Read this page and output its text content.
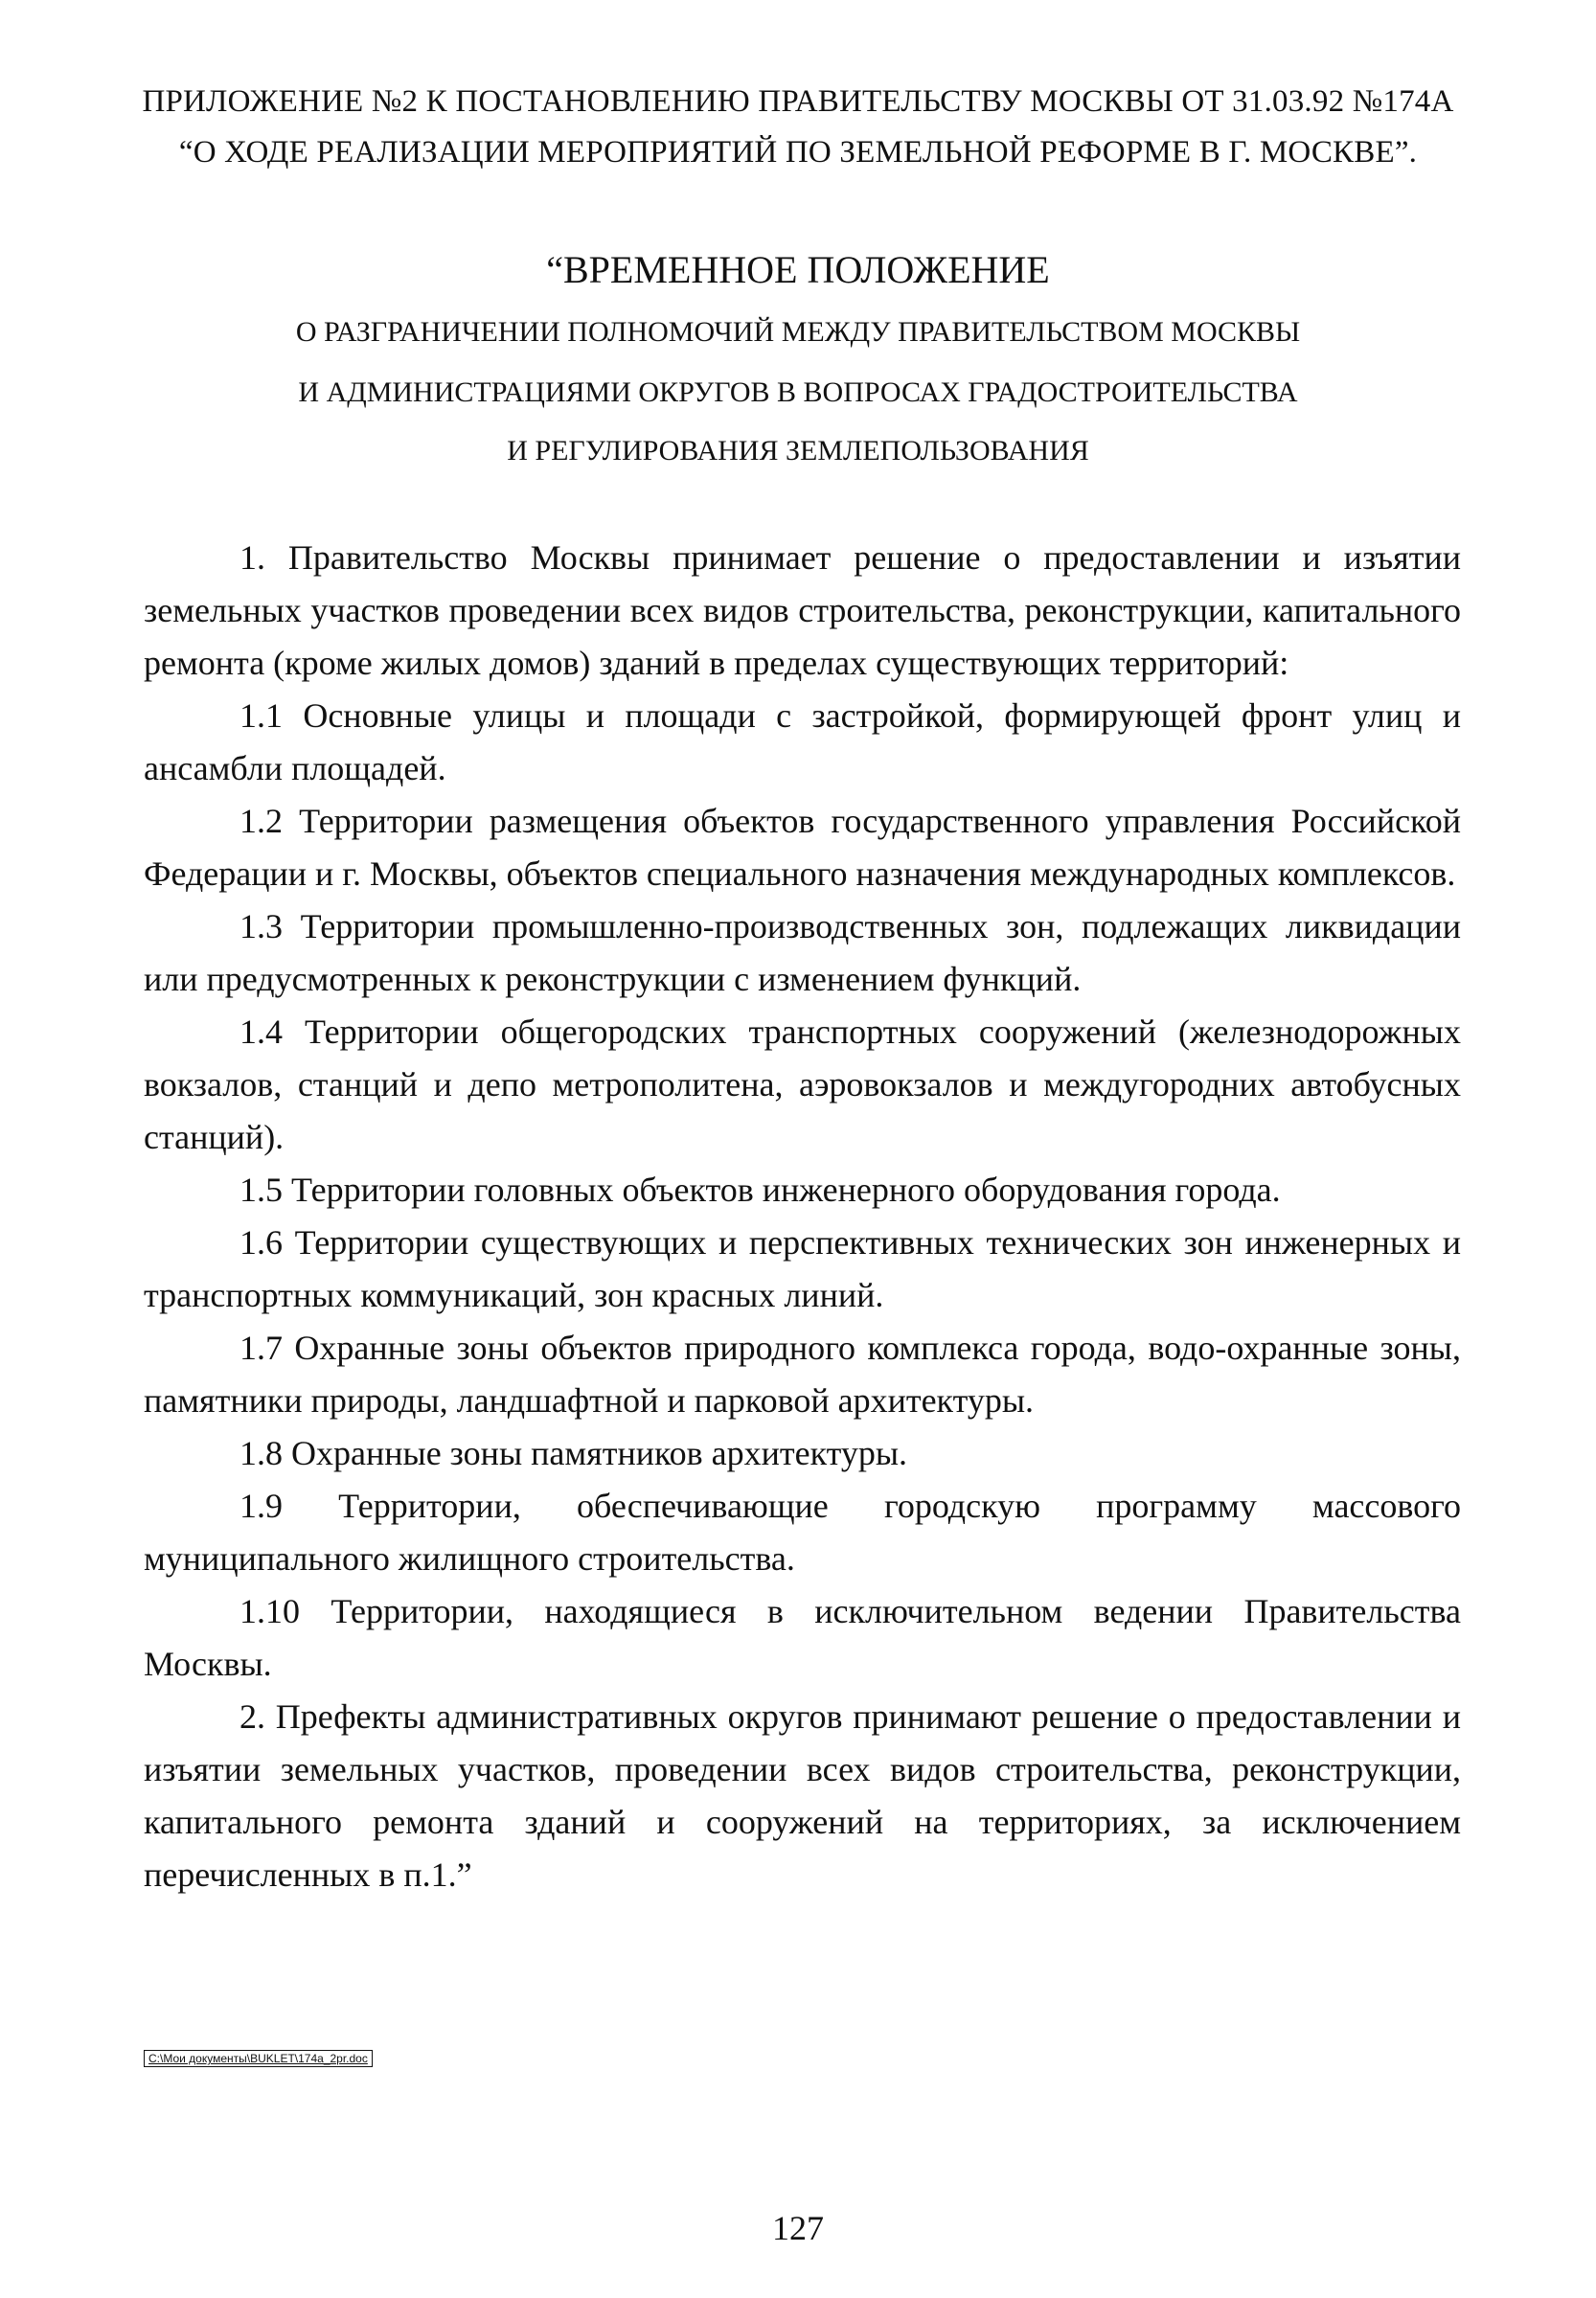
ПРИЛОЖЕНИЕ №2 К ПОСТАНОВЛЕНИЮ ПРАВИТЕЛЬСТВУ МОСКВЫ ОТ 31.03.92 №174А
“О ХОДЕ РЕАЛИЗАЦИИ МЕРОПРИЯТИЙ ПО ЗЕМЕЛЬНОЙ РЕФОРМЕ В Г. МОСКВЕ”.
“ВРЕМЕННОЕ ПОЛОЖЕНИЕ
О РАЗГРАНИЧЕНИИ ПОЛНОМОЧИЙ МЕЖДУ ПРАВИТЕЛЬСТВОМ МОСКВЫ
И АДМИНИСТРАЦИЯМИ ОКРУГОВ В ВОПРОСАХ ГРАДОСТРОИТЕЛЬСТВА
И РЕГУЛИРОВАНИЯ ЗЕМЛЕПОЛЬЗОВАНИЯ

1. Правительство Москвы принимает решение о предоставлении и изъятии земельных участков проведении всех видов строительства, реконструкции, капитального ремонта (кроме жилых домов) зданий в пределах существующих территорий:

1.1 Основные улицы и площади с застройкой, формирующей фронт улиц и ансамбли площадей.

1.2 Территории размещения объектов государственного управления Российской Федерации и г. Москвы, объектов специального назначения международных комплексов.

1.3 Территории промышленно-производственных зон, подлежащих ликвидации или предусмотренных к реконструкции с изменением функций.

1.4 Территории общегородских транспортных сооружений (железнодорожных вокзалов, станций и депо метрополитена, аэровокзалов и междугородних автобусных станций).

1.5 Территории головных объектов инженерного оборудования города.

1.6 Территории существующих и перспективных технических зон инженерных и транспортных коммуникаций, зон красных линий.

1.7 Охранные зоны объектов природного комплекса города, водо-охранные зоны, памятники природы, ландшафтной и парковой архитектуры.

1.8 Охранные зоны памятников архитектуры.

1.9 Территории, обеспечивающие городскую программу массового муниципального жилищного строительства.

1.10 Территории, находящиеся в исключительном ведении Правительства Москвы.

2. Префекты административных округов принимают решение о предоставлении и изъятии земельных участков, проведении всех видов строительства, реконструкции, капитального ремонта зданий и сооружений на территориях, за исключением перечисленных в п.1.”

C:\Мои документы\BUKLET\174a_2pr.doc
127
